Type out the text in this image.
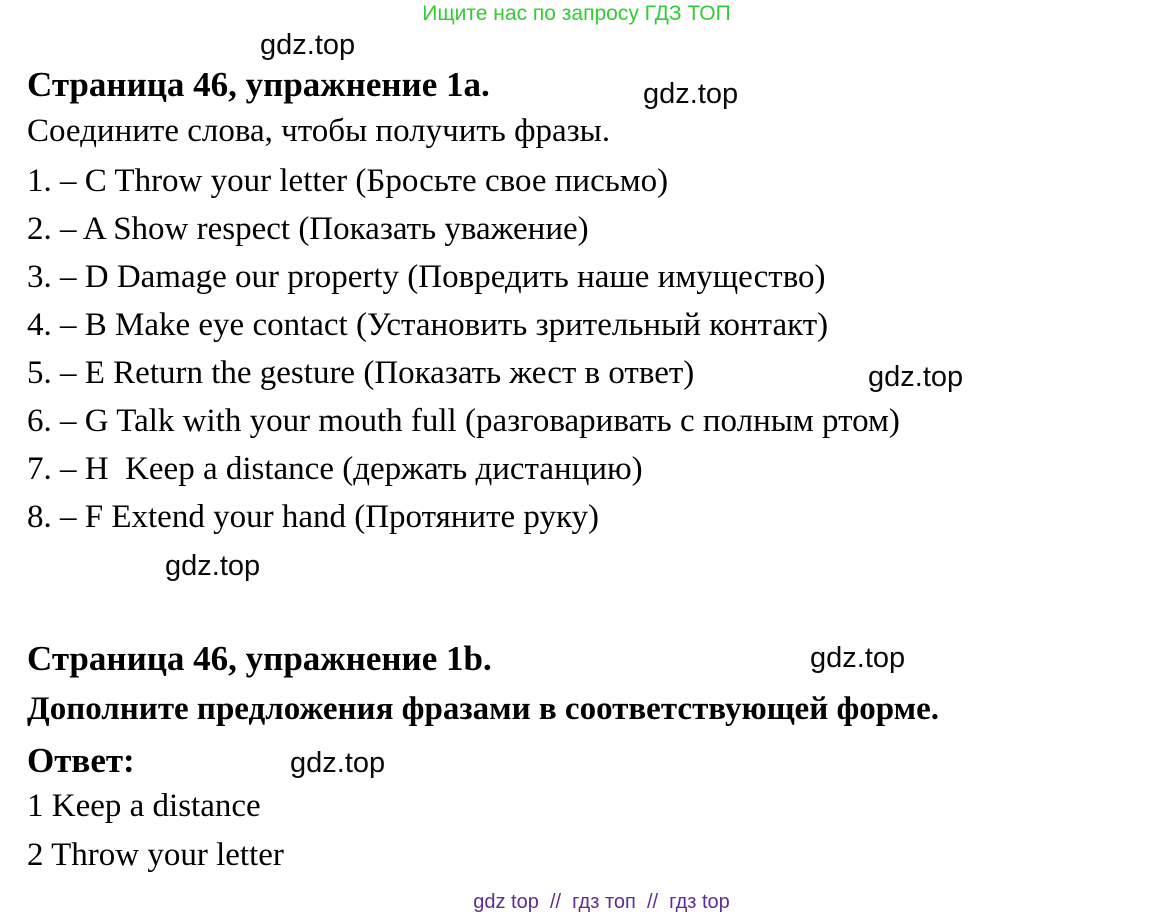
Ищите нас по запросу ГДЗ ТОП
gdz.top
gdz.top
gdz.top
gdz.top
gdz.top
gdz.top
Страница 46, упражнение 1a.
Соедините слова, чтобы получить фразы.
1. – C Throw your letter (Бросьте свое письмо)
2. – A Show respect (Показать уважение)
3. – D Damage our property (Повредить наше имущество)
4. – B Make eye contact (Установить зрительный контакт)
5. – E Return the gesture (Показать жест в ответ)
6. – G Talk with your mouth full (разговаривать с полным ртом)
7. – H  Keep a distance (держать дистанцию)
8. – F Extend your hand (Протяните руку)
Страница 46, упражнение 1b.
Дополните предложения фразами в соответствующей форме.
Ответ:
1 Keep a distance
2 Throw your letter
gdz top  //  гдз топ  //  гдз top
